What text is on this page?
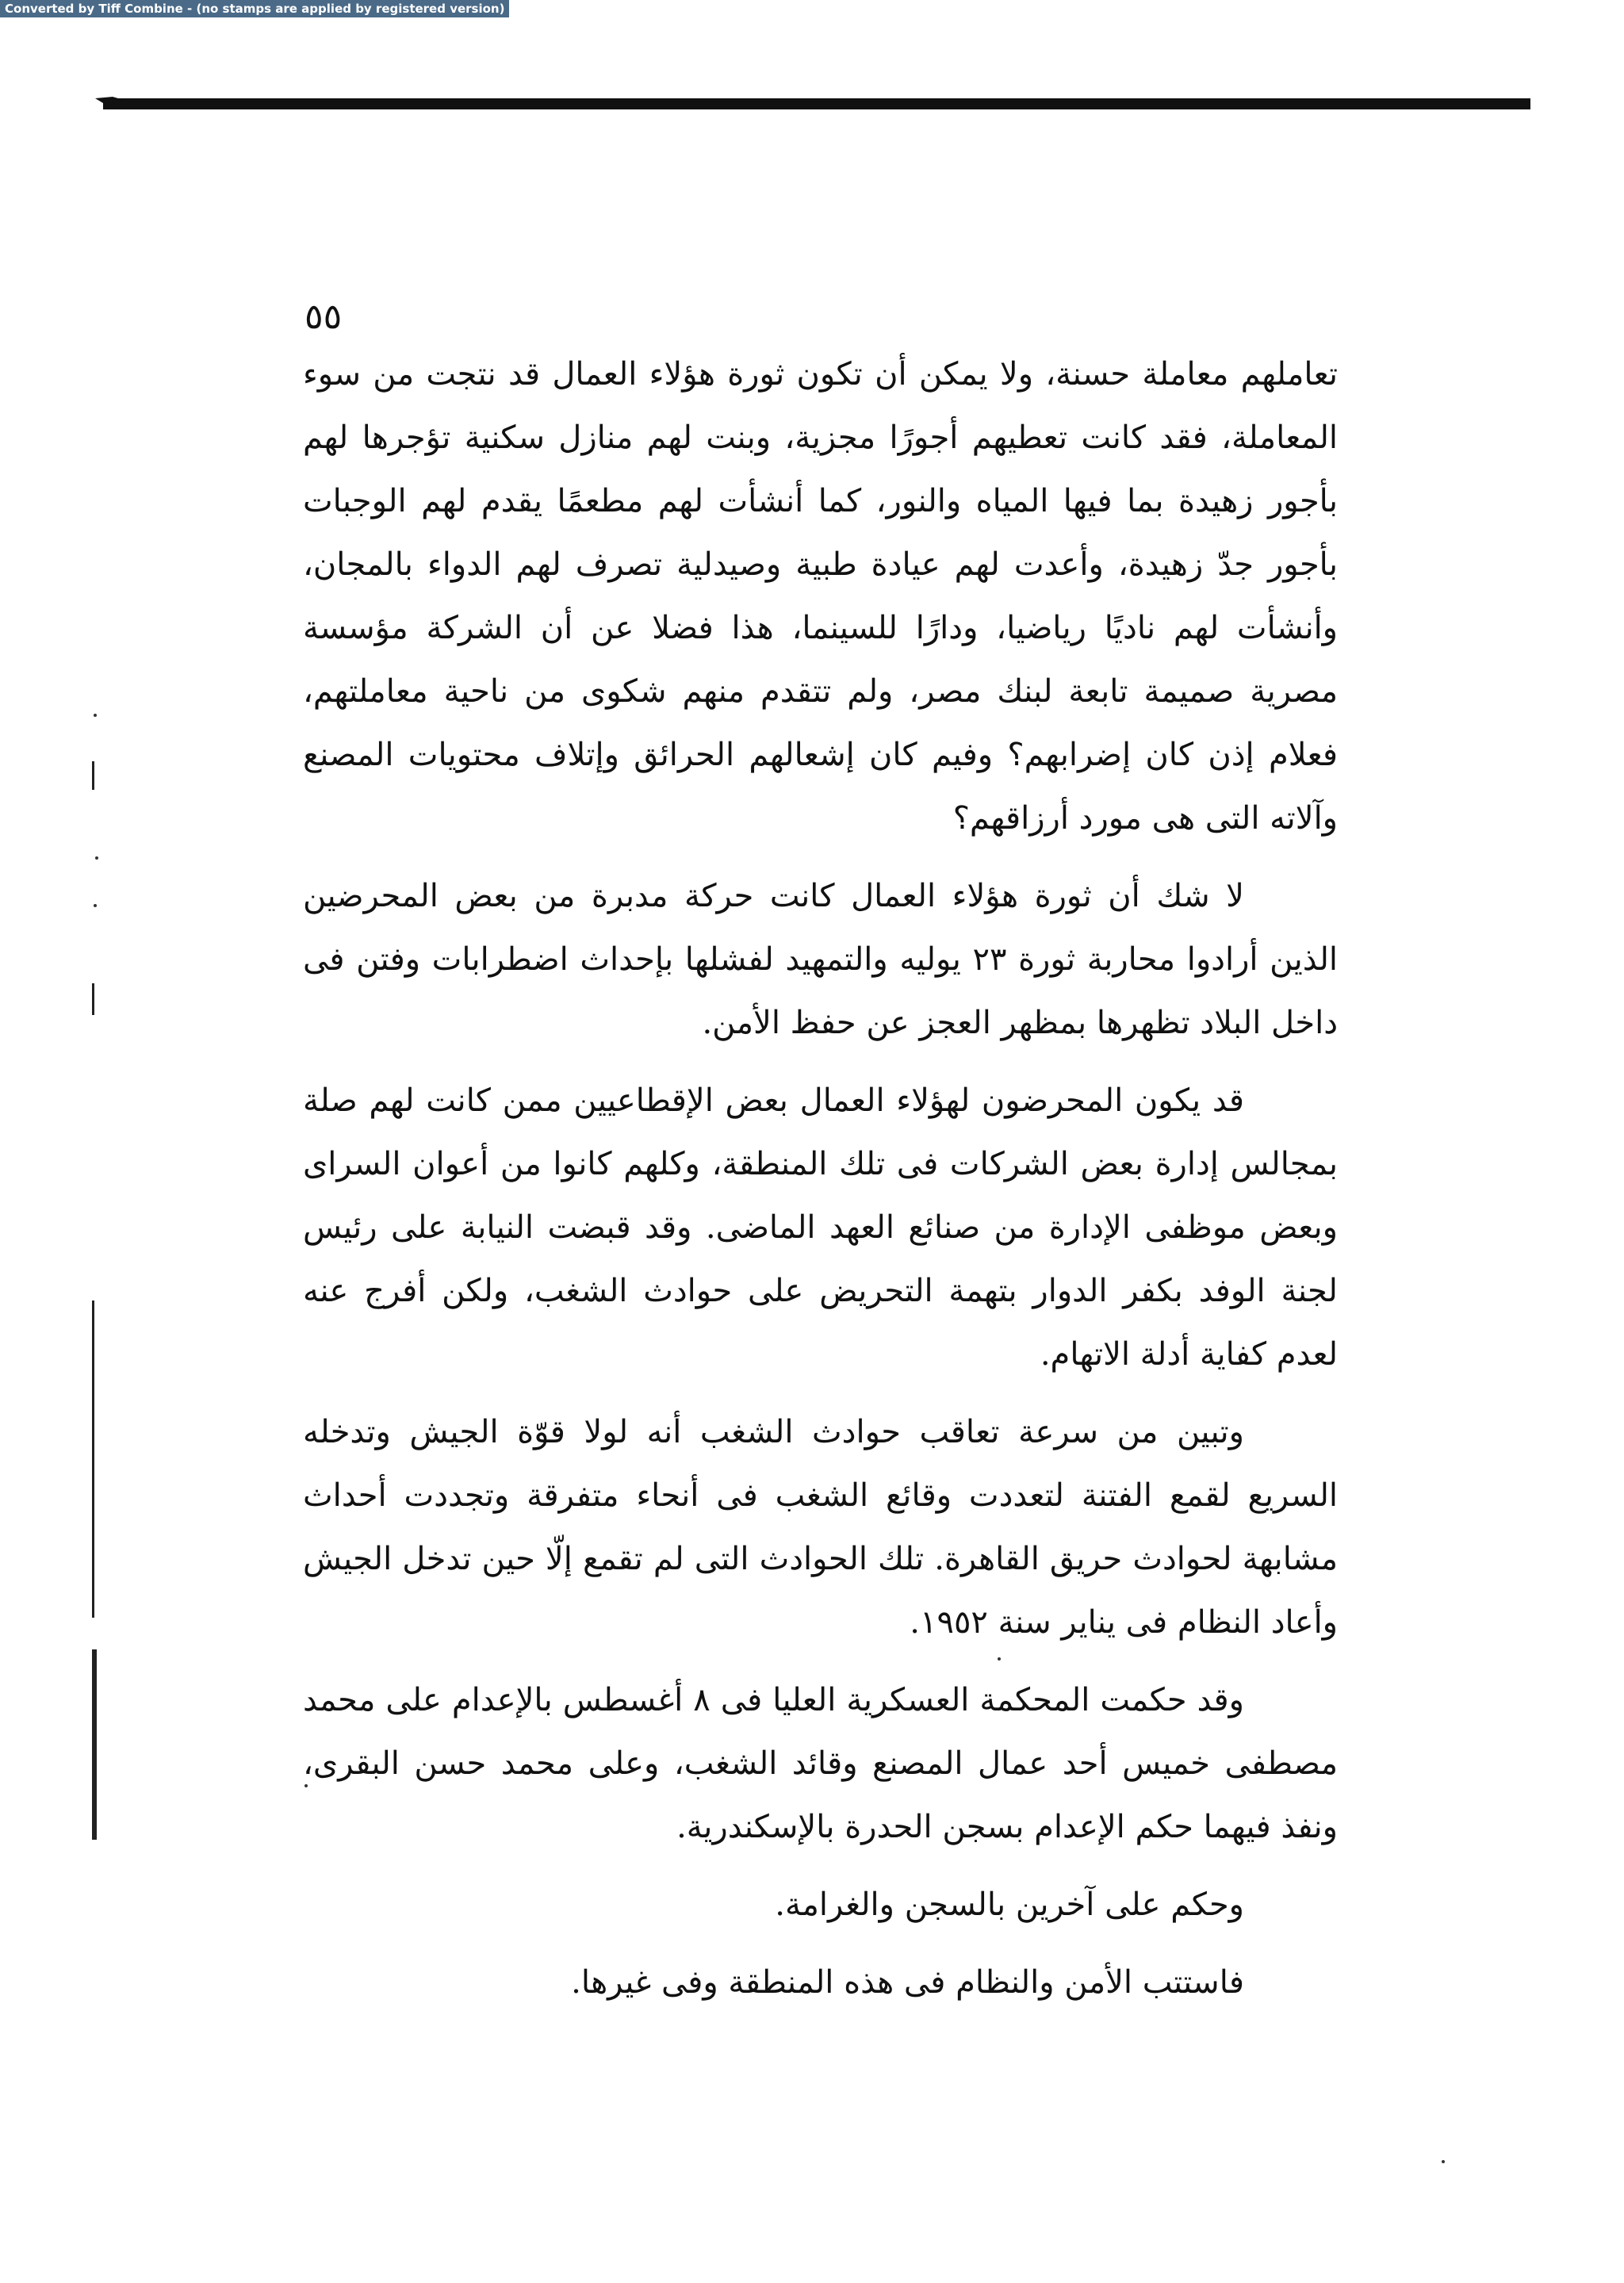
Converted by Tiff Combine - (no stamps are applied by registered version)
٥٥

تعاملهم معاملة حسنة، ولا يمكن أن تكون ثورة هؤلاء العمال قد نتجت من سوء المعاملة، فقد كانت تعطيهم أجورًا مجزية، وبنت لهم منازل سكنية تؤجرها لهم بأجور زهيدة بما فيها المياه والنور، كما أنشأت لهم مطعمًا يقدم لهم الوجبات بأجور جدّ زهيدة، وأعدت لهم عيادة طبية وصيدلية تصرف لهم الدواء بالمجان، وأنشأت لهم ناديًا رياضيا، ودارًا للسينما، هذا فضلا عن أن الشركة مؤسسة مصرية صميمة تابعة لبنك مصر، ولم تتقدم منهم شكوى من ناحية معاملتهم، فعلام إذن كان إضرابهم؟ وفيم كان إشعالهم الحرائق وإتلاف محتويات المصنع وآلاته التى هى مورد أرزاقهم؟

لا شك أن ثورة هؤلاء العمال كانت حركة مدبرة من بعض المحرضين الذين أرادوا محاربة ثورة ٢٣ يوليه والتمهيد لفشلها بإحداث اضطرابات وفتن فى داخل البلاد تظهرها بمظهر العجز عن حفظ الأمن.

قد يكون المحرضون لهؤلاء العمال بعض الإقطاعيين ممن كانت لهم صلة بمجالس إدارة بعض الشركات فى تلك المنطقة، وكلهم كانوا من أعوان السراى وبعض موظفى الإدارة من صنائع العهد الماضى. وقد قبضت النيابة على رئيس لجنة الوفد بكفر الدوار بتهمة التحريض على حوادث الشغب، ولكن أفرج عنه لعدم كفاية أدلة الاتهام.

وتبين من سرعة تعاقب حوادث الشغب أنه لولا قوّة الجيش وتدخله السريع لقمع الفتنة لتعددت وقائع الشغب فى أنحاء متفرقة وتجددت أحداث مشابهة لحوادث حريق القاهرة. تلك الحوادث التى لم تقمع إلّا حين تدخل الجيش وأعاد النظام فى يناير سنة ١٩٥٢.

وقد حكمت المحكمة العسكرية العليا فى ٨ أغسطس بالإعدام على محمد مصطفى خميس أحد عمال المصنع وقائد الشغب، وعلى محمد حسن البقرى، ونفذ فيهما حكم الإعدام بسجن الحدرة بالإسكندرية.

وحكم على آخرين بالسجن والغرامة.

فاستتب الأمن والنظام فى هذه المنطقة وفى غيرها.
